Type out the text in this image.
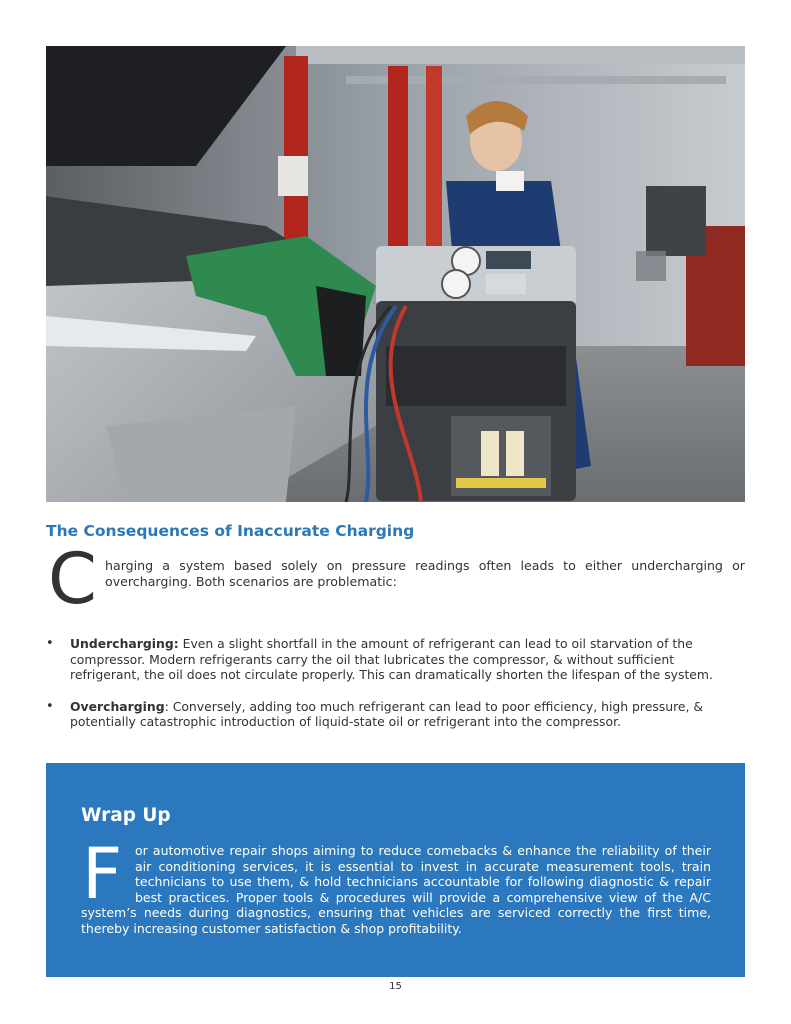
The Consequences of Inaccurate Charging
C harging a system based solely on pressure readings often leads to either undercharging or overcharging. Both scenarios are problematic:

• Undercharging: Even a slight shortfall in the amount of refrigerant can lead to oil starvation of the compressor. Modern refrigerants carry the oil that lubricates the compressor, & without sufficient refrigerant, the oil does not circulate properly. This can dramatically shorten the lifespan of the system.
• Overcharging: Conversely, adding too much refrigerant can lead to poor efficiency, high pressure, & potentially catastrophic introduction of liquid-state oil or refrigerant into the compressor.
Wrap Up
F	or automotive repair shops aiming to reduce comebacks & enhance the reliability of their air conditioning services, it is essential to invest in accurate measurement tools, train technicians to use them, & hold technicians accountable for following diagnostic & repair best practices. Proper tools & procedures will provide a comprehensive view of the A/C system’s needs during diagnostics, ensuring that vehicles are serviced correctly the first time, thereby increasing customer satisfaction & shop profitability.

15
